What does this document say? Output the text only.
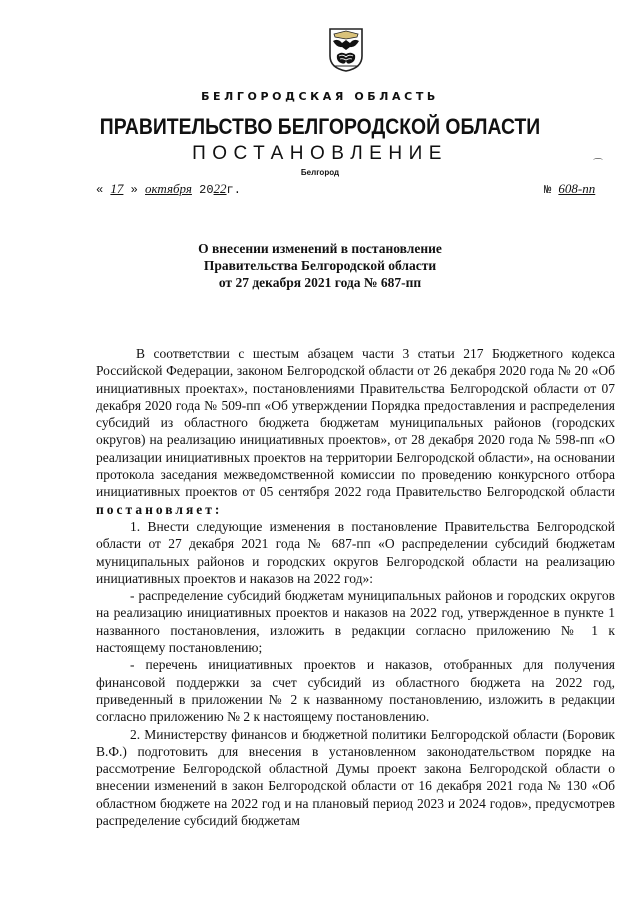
⌒
БЕЛГОРОДСКАЯ ОБЛАСТЬ
ПРАВИТЕЛЬСТВО БЕЛГОРОДСКОЙ ОБЛАСТИ
ПОСТАНОВЛЕНИЕ
Белгород
« 17 » октября 2022г.	№ 608-пп
О внесении изменений в постановление
Правительства Белгородской области
от 27 декабря 2021 года № 687-пп

В соответствии с шестым абзацем части 3 статьи 217 Бюджетного кодекса Российской Федерации, законом Белгородской области от 26 декабря 2020 года № 20 «Об инициативных проектах», постановлениями Правительства Белгородской области от 07 декабря 2020 года № 509-пп «Об утверждении Порядка предоставления и распределения субсидий из областного бюджета бюджетам муниципальных районов (городских округов) на реализацию инициативных проектов», от 28 декабря 2020 года № 598-пп «О реализации инициативных проектов на территории Белгородской области», на основании протокола заседания межведомственной комиссии по проведению конкурсного отбора инициативных проектов от 05 сентября 2022 года Правительство Белгородской области постановляет:

1. Внести следующие изменения в постановление Правительства Белгородской области от 27 декабря 2021 года № 687-пп «О распределении субсидий бюджетам муниципальных районов и городских округов Белгородской области на реализацию инициативных проектов и наказов на 2022 год»:

- распределение субсидий бюджетам муниципальных районов и городских округов на реализацию инициативных проектов и наказов на 2022 год, утвержденное в пункте 1 названного постановления, изложить в редакции согласно приложению № 1 к настоящему постановлению;

- перечень инициативных проектов и наказов, отобранных для получения финансовой поддержки за счет субсидий из областного бюджета на 2022 год, приведенный в приложении № 2 к названному постановлению, изложить в редакции согласно приложению № 2 к настоящему постановлению.

2. Министерству финансов и бюджетной политики Белгородской области (Боровик В.Ф.) подготовить для внесения в установленном законодательством порядке на рассмотрение Белгородской областной Думы проект закона Белгородской области о внесении изменений в закон Белгородской области от 16 декабря 2021 года № 130 «Об областном бюджете на 2022 год и на плановый период 2023 и 2024 годов», предусмотрев распределение субсидий бюджетам
